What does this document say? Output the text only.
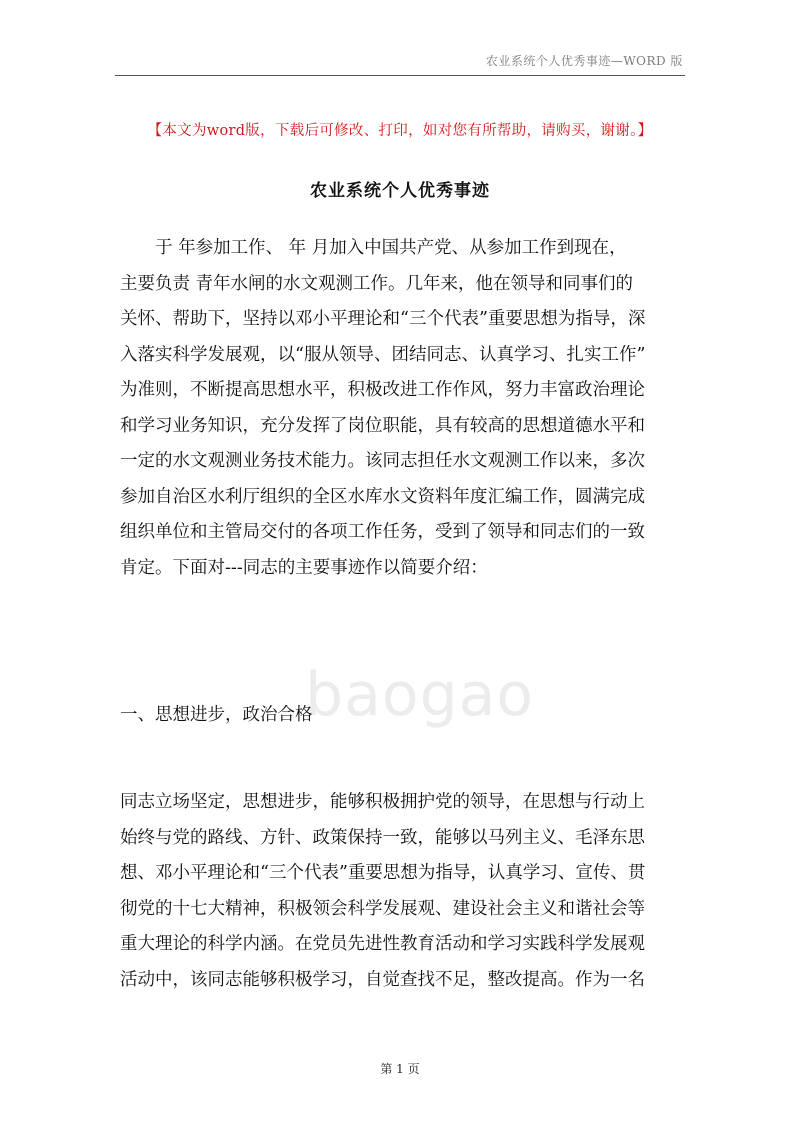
农业系统个人优秀事迹—WORD 版
【本文为word版，下载后可修改、打印，如对您有所帮助，请购买，谢谢。】
农业系统个人优秀事迹
于 年参加工作、 年 月加入中国共产党、从参加工作到现在，
主要负责 青年水闸的水文观测工作。几年来，他在领导和同事们的
关怀、帮助下，坚持以邓小平理论和“三个代表”重要思想为指导，深
入落实科学发展观，以“服从领导、团结同志、认真学习、扎实工作”
为准则，不断提高思想水平，积极改进工作作风，努力丰富政治理论
和学习业务知识，充分发挥了岗位职能，具有较高的思想道德水平和
一定的水文观测业务技术能力。该同志担任水文观测工作以来，多次
参加自治区水利厅组织的全区水库水文资料年度汇编工作，圆满完成
组织单位和主管局交付的各项工作任务，受到了领导和同志们的一致
肯定。下面对---同志的主要事迹作以简要介绍：
baogao
一、思想进步，政治合格
同志立场坚定，思想进步，能够积极拥护党的领导，在思想与行动上
始终与党的路线、方针、政策保持一致，能够以马列主义、毛泽东思
想、邓小平理论和“三个代表”重要思想为指导，认真学习、宣传、贯
彻党的十七大精神，积极领会科学发展观、建设社会主义和谐社会等
重大理论的科学内涵。在党员先进性教育活动和学习实践科学发展观
活动中，该同志能够积极学习，自觉查找不足，整改提高。作为一名
第 1 页
